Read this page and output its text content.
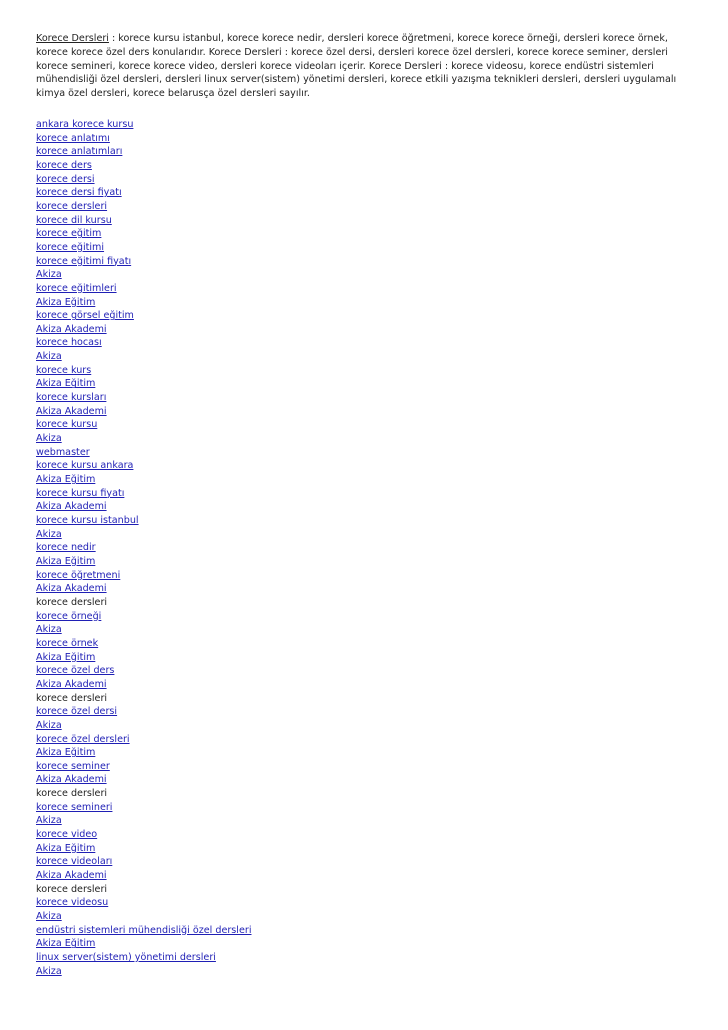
Korece Dersleri : korece kursu istanbul, korece korece nedir, dersleri korece öğretmeni, korece korece örneği, dersleri korece örnek, korece korece özel ders konularıdır. Korece Dersleri : korece özel dersi, dersleri korece özel dersleri, korece korece seminer, dersleri korece semineri, korece korece video, dersleri korece videoları içerir. Korece Dersleri : korece videosu, korece endüstri sistemleri mühendisliği özel dersleri, dersleri linux server(sistem) yönetimi dersleri, korece etkili yazışma teknikleri dersleri, dersleri uygulamalı kimya özel dersleri, korece belarusça özel dersleri sayılır.

ankara korece kursu
korece anlatımı
korece anlatımları
korece ders
korece dersi
korece dersi fiyatı
korece dersleri
korece dil kursu
korece eğitim
korece eğitimi
korece eğitimi fiyatı
Akiza
korece eğitimleri
Akiza Eğitim
korece görsel eğitim
Akiza Akademi
korece hocası
Akiza
korece kurs
Akiza Eğitim
korece kursları
Akiza Akademi
korece kursu
Akiza
webmaster
korece kursu ankara
Akiza Eğitim
korece kursu fiyatı
Akiza Akademi
korece kursu istanbul
Akiza
korece nedir
Akiza Eğitim
korece öğretmeni
Akiza Akademi
korece dersleri
korece örneği
Akiza
korece örnek
Akiza Eğitim
korece özel ders
Akiza Akademi
korece dersleri
korece özel dersi
Akiza
korece özel dersleri
Akiza Eğitim
korece seminer
Akiza Akademi
korece dersleri
korece semineri
Akiza
korece video
Akiza Eğitim
korece videoları
Akiza Akademi
korece dersleri
korece videosu
Akiza
endüstri sistemleri mühendisliği özel dersleri
Akiza Eğitim
linux server(sistem) yönetimi dersleri
Akiza
